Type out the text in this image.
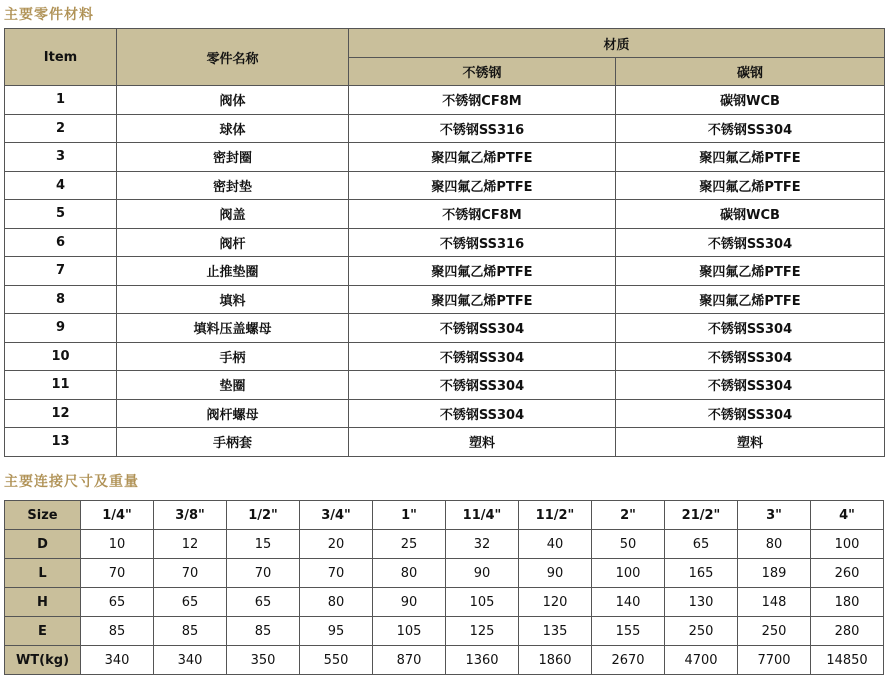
主要零件材料
Item	零件名称	材质	
		不锈钢	碳钢
1	阀体	不锈钢CF8M	碳钢WCB
2	球体	不锈钢SS316	不锈钢SS304
3	密封圈	聚四氟乙烯PTFE	聚四氟乙烯PTFE
4	密封垫	聚四氟乙烯PTFE	聚四氟乙烯PTFE
5	阀盖	不锈钢CF8M	碳钢WCB
6	阀杆	不锈钢SS316	不锈钢SS304
7	止推垫圈	聚四氟乙烯PTFE	聚四氟乙烯PTFE
8	填料	聚四氟乙烯PTFE	聚四氟乙烯PTFE
9	填料压盖螺母	不锈钢SS304	不锈钢SS304
10	手柄	不锈钢SS304	不锈钢SS304
11	垫圈	不锈钢SS304	不锈钢SS304
12	阀杆螺母	不锈钢SS304	不锈钢SS304
13	手柄套	塑料	塑料
主要连接尺寸及重量
Size	1/4"	3/8"	1/2"	3/4"	1"	11/4"	11/2"	2"	21/2"	3"	4"
D	10	12	15	20	25	32	40	50	65	80	100
L	70	70	70	70	80	90	90	100	165	189	260
H	65	65	65	80	90	105	120	140	130	148	180
E	85	85	85	95	105	125	135	155	250	250	280
WT(kg)	340	340	350	550	870	1360	1860	2670	4700	7700	14850
